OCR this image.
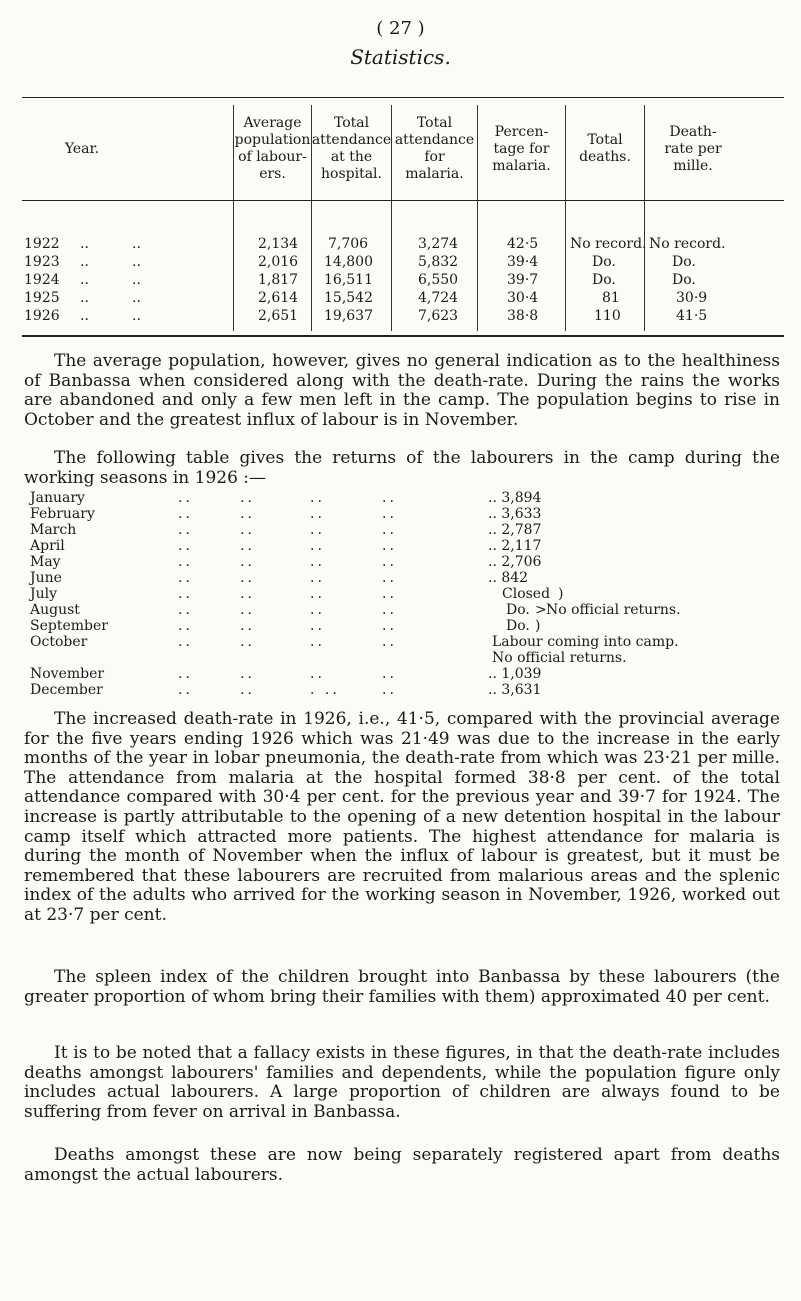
( 27 )
Statistics.
Year.
Average
population
of labour-
ers.
Total
attendance
at the
hospital.
Total
attendance
for
malaria.
Percen-
tage for
malaria.
Total
deaths.
Death-
rate per
mille.
1922 ..	..	2,134 7,706	3,274	42·5 No record. No record.
1923 ..	..	2,016 14,800	5,832	39·4	Do.	Do.
1924 ..	..	1,817 16,511	6,550	39·7	Do.	Do.
1925 ..	..	2,614 15,542	4,724	30·4	81	30·9
1926 ..	..	2,651 19,637	7,623	38·8	110	41·5

The average population, however, gives no general indication as to the healthiness of Banbassa when considered along with the death-rate. During the rains the works are abandoned and only a few men left in the camp. The population begins to rise in October and the greatest influx of labour is in November.

The following table gives the returns of the labourers in the camp during the working seasons in 1926 :—

January	..	..	..	..	.. 3,894
February	..	..	..	..	.. 3,633
March	..	..	..	..	.. 2,787
April	..	..	..	..	.. 2,117
May	..	..	..	..	.. 2,706
June	..	..	..	..	.. 842
July	..	..	..	..	Closed )
August	..	..	..	..	Do. > No official returns.
September	..	..	..	..	Do. )
October	..	..	..	..	Labour coming into camp.
No official returns.
November	..	..	..	..	.. 1,039
December	..	..	. ..	..	.. 3,631

The increased death-rate in 1926, i.e., 41·5, compared with the provincial average for the five years ending 1926 which was 21·49 was due to the increase in the early months of the year in lobar pneumonia, the death-rate from which was 23·21 per mille. The attendance from malaria at the hospital formed 38·8 per cent. of the total attendance compared with 30·4 per cent. for the previous year and 39·7 for 1924. The increase is partly attributable to the opening of a new detention hospital in the labour camp itself which attracted more patients. The highest attendance for malaria is during the month of November when the influx of labour is greatest, but it must be remembered that these labourers are recruited from malarious areas and the splenic index of the adults who arrived for the working season in November, 1926, worked out at 23·7 per cent.

The spleen index of the children brought into Banbassa by these labourers (the greater proportion of whom bring their families with them) approximated 40 per cent.

It is to be noted that a fallacy exists in these figures, in that the death-rate includes deaths amongst labourers' families and dependents, while the population figure only includes actual labourers. A large proportion of children are always found to be suffering from fever on arrival in Banbassa.

Deaths amongst these are now being separately registered apart from deaths amongst the actual labourers.
